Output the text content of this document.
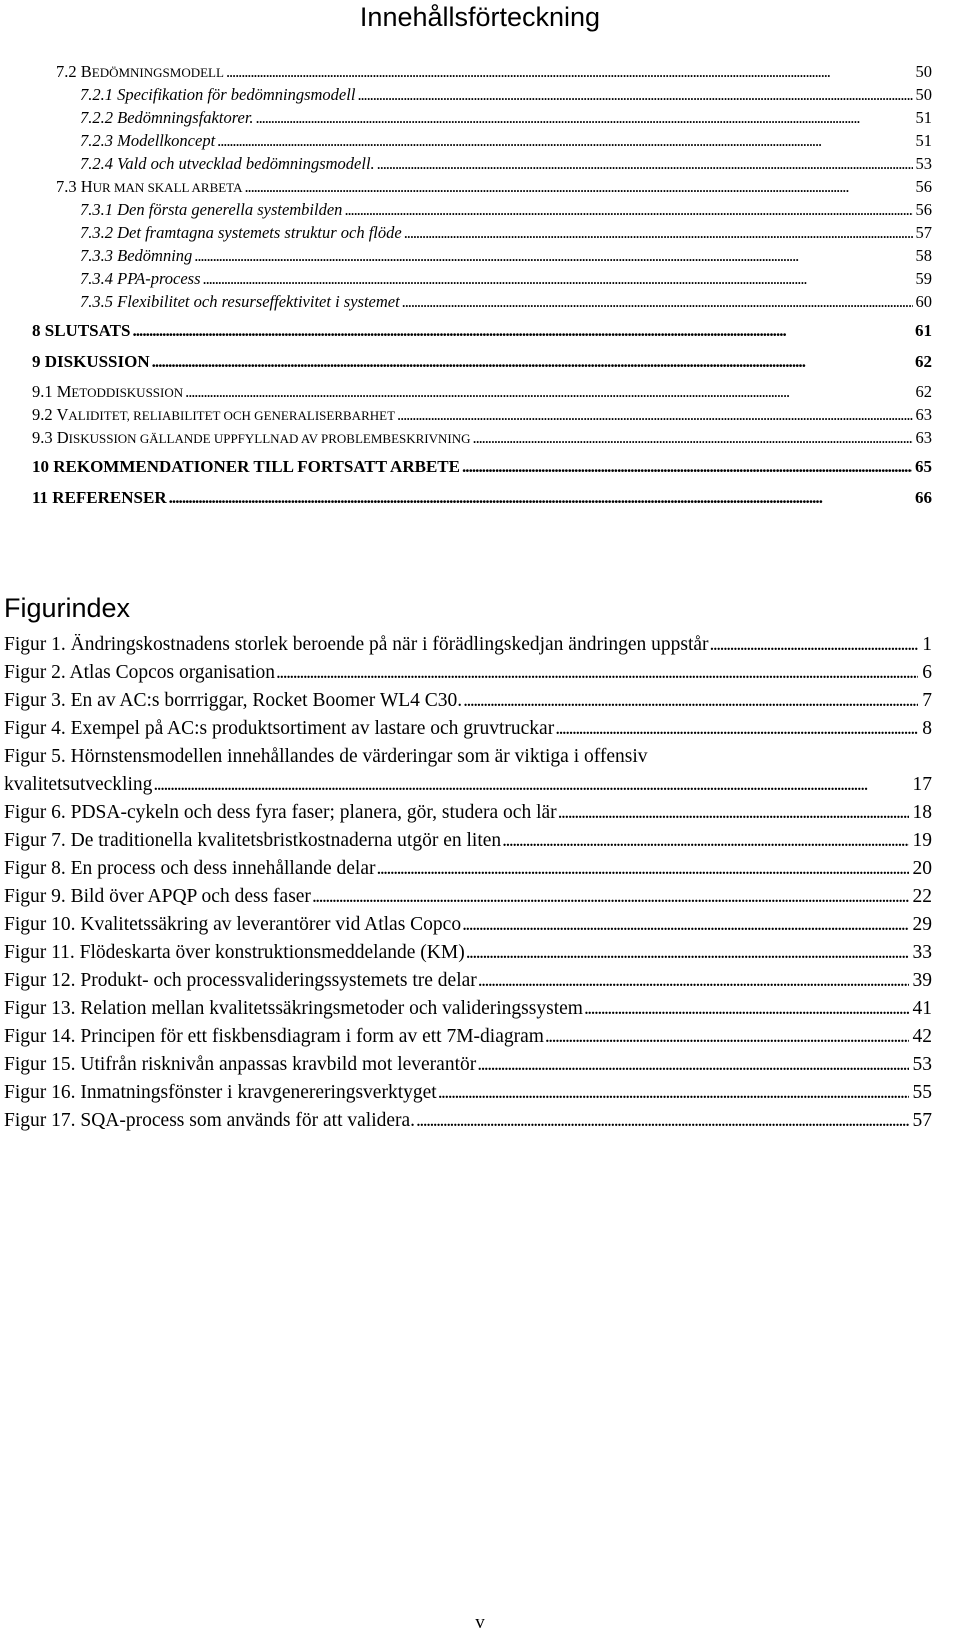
Innehållsförteckning
7.2 BEDÖMNINGSMODELL . . .	50
7.2.1 Specifikation för bedömningsmodell . . .	50
7.2.2 Bedömningsfaktorer. . . .	51
7.2.3 Modellkoncept . . .	51
7.2.4 Vald och utvecklad bedömningsmodell. . . .	53
7.3 HUR MAN SKALL ARBETA . . .	56
7.3.1 Den första generella systembilden . . .	56
7.3.2 Det framtagna systemets struktur och flöde . . .	57
7.3.3 Bedömning . . .	58
7.3.4 PPA-process . . .	59
7.3.5 Flexibilitet och resurseffektivitet i systemet . . .	60
8 SLUTSATS . . .	61
9 DISKUSSION . . .	62
9.1 METODDISKUSSION . . .	62
9.2 VALIDITET, RELIABILITET OCH GENERALISERBARHET . . .	63
9.3 DISKUSSION GÄLLANDE UPPFYLLNAD AV PROBLEMBESKRIVNING . . .	63
10 REKOMMENDATIONER TILL FORTSATT ARBETE . . .	65
11 REFERENSER . . .	66
Figurindex
Figur 1. Ändringskostnadens storlek beroende på när i förädlingskedjan ändringen uppstår . . .	1
Figur 2. Atlas Copcos organisation . . .	6
Figur 3. En av AC:s borrriggar, Rocket Boomer WL4 C30. . . .	7
Figur 4. Exempel på AC:s produktsortiment av lastare och gruvtruckar . . .	8
Figur 5. Hörnstensmodellen innehållandes de värderingar som är viktiga i offensiv
kvalitetsutveckling . . .	17
Figur 6. PDSA-cykeln och dess fyra faser; planera, gör, studera och lär . . .	18
Figur 7. De traditionella kvalitetsbristkostnaderna utgör en liten . . .	19
Figur 8. En process och dess innehållande delar . . .	20
Figur 9. Bild över APQP och dess faser . . .	22
Figur 10. Kvalitetssäkring av leverantörer vid Atlas Copco . . .	29
Figur 11. Flödeskarta över konstruktionsmeddelande (KM) . . .	33
Figur 12. Produkt- och processvalideringssystemets tre delar . . .	39
Figur 13. Relation mellan kvalitetssäkringsmetoder och valideringssystem . . .	41
Figur 14. Principen för ett fiskbensdiagram i form av ett 7M-diagram . . .	42
Figur 15. Utifrån risknivån anpassas kravbild mot leverantör . . .	53
Figur 16. Inmatningsfönster i kravgenereringsverktyget . . .	55
Figur 17. SQA-process som används för att validera. . . .	57
v
